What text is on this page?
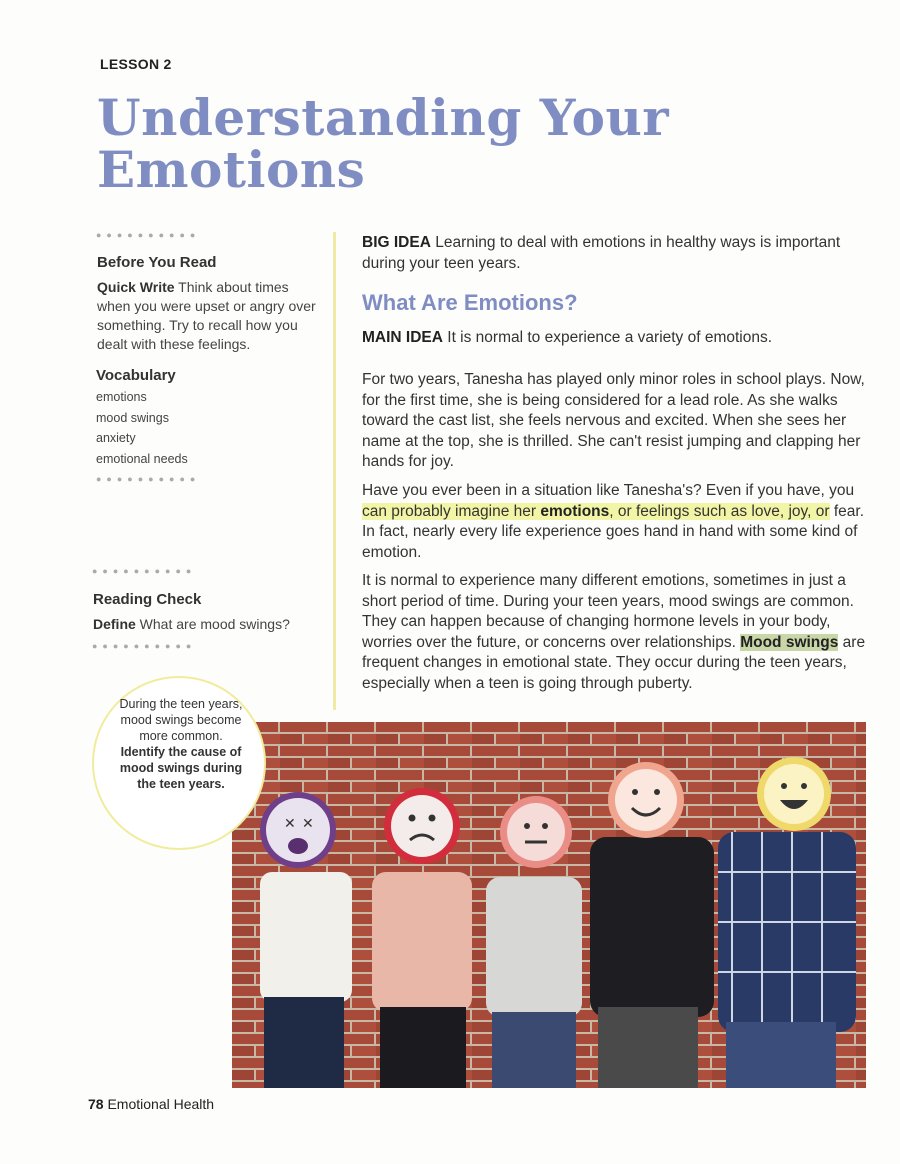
LESSON 2
Understanding Your
Emotions
●●●●●●●●●●
Before You Read
Quick Write Think about times when you were upset or angry over something. Try to recall how you dealt with these feelings.
Vocabulary
emotions
mood swings
anxiety
emotional needs
●●●●●●●●●●
●●●●●●●●●●
Reading Check
Define What are mood swings?
●●●●●●●●●●
BIG IDEA Learning to deal with emotions in healthy ways is important during your teen years.
What Are Emotions?
MAIN IDEA It is normal to experience a variety of emotions.
For two years, Tanesha has played only minor roles in school plays. Now, for the first time, she is being considered for a lead role. As she walks toward the cast list, she feels nervous and excited. When she sees her name at the top, she is thrilled. She can't resist jumping and clapping her hands for joy.
Have you ever been in a situation like Tanesha's? Even if you have, you can probably imagine her emotions, or feelings such as love, joy, or fear. In fact, nearly every life experience goes hand in hand with some kind of emotion.
It is normal to experience many different emotions, sometimes in just a short period of time. During your teen years, mood swings are common. They can happen because of changing hormone levels in your body, worries over the future, or concerns over relationships. Mood swings are frequent changes in emotional state. They occur during the teen years, especially when a teen is going through puberty.
✕ ✕
During the teen years, mood swings become more common. Identify the cause of mood swings during the teen years.
78 Emotional Health
